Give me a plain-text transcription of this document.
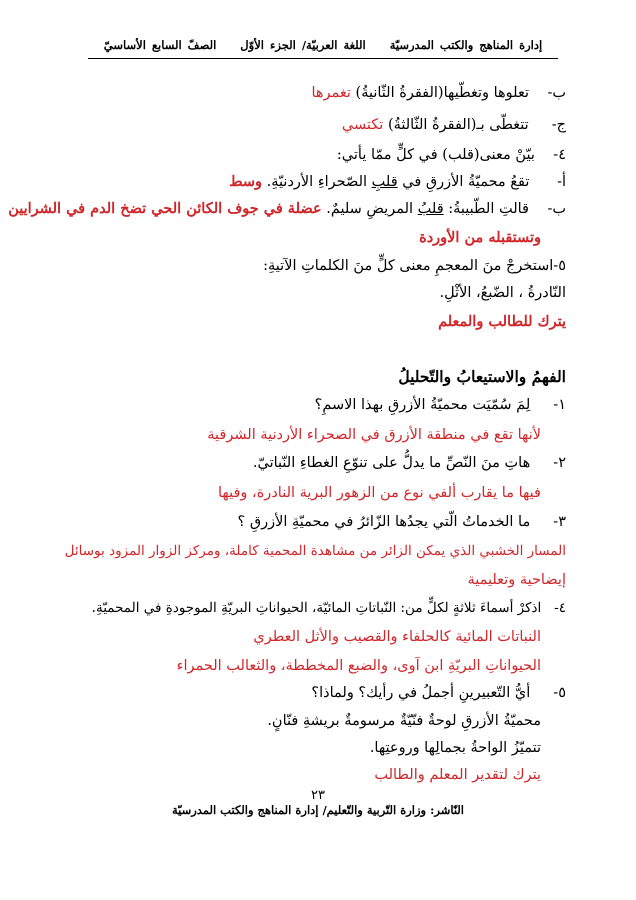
إدارة المناهج والكتب المدرسيّة اللغة العربيّة/ الجزء الأوّل الصفّ السابع الأساسيّ
ب-    تعلوها وتغطّيها(الفقرةُ الثّانيةُ) تغمرها
ج-     تتغطّى بـ(الفقرةُ الثّالثةُ) تكتسي
٤-    بيّنْ معنى(قلب) في كلٍّ ممّا يأتي:
أ-      تقعُ محميّةُ الأزرقِ في قلبِ الصّحراءِ الأردنيّةِ. وسط
ب-    قالتِ الطّبيبةُ: قلبُ المريضِ سليمٌ. عضلة في جوف الكائن الحي تضخ الدم في الشرايين
وتستقبله من الأوردة
٥-استخرجْ منَ المعجمِ معنى كلٍّ منَ الكلماتِ الآتيةِ:
النّادرةُ ، الضّبعُ، الأثْلِ.
يترك للطالب والمعلم
الفهمُ والاستيعابُ والتّحليلُ
١-     لِمَ سُمّيَت محميّةُ الأزرقِ بهذا الاسمِ؟
لأنها تقع في منطقة الأزرق في الصحراء الأردنية الشرقية
٢-     هاتِ منَ النّصِّ ما يدلُّ على تنوّعِ الغطاءِ النّباتيّ.
فيها ما يقارب ألفي نوع من الزهور البرية النادرة، وفيها
٣-     ما الخدماتُ الّتي يجدُها الزّائرُ في محميّةِ الأزرقِ ؟
المسار الخشبي الذي يمكن الزائر من مشاهدة المحمية كاملة، ومركز الزوار المزود بوسائل
إيضاحية وتعليمية
٤-   اذكرْ أسماءَ ثلاثةٍ لكلٍّ من: النّباتاتِ المائيّة، الحيواناتِ البريّةِ الموجودةِ في المحميّةِ.
النباتات المائية كالحلفاء والقصيب والأثل العطري
الحيواناتِ البريّةِ ابن آوى، والضبع المخططة، والثعالب الحمراء
٥-     أيُّ التّعبيرينِ أجملُ في رأيك؟ ولماذا؟
محميّةُ الأزرقِ لوحةٌ فنّيّةٌ مرسومةٌ بريشةِ فنّانٍ.
تتميّزُ الواحةُ بجمالِها وروعتِها.
يترك لتقدير المعلم والطالب
٢٣
النّاشر: وزارة التّربية والتّعليم/ إدارة المناهج والكتب المدرسيّة
